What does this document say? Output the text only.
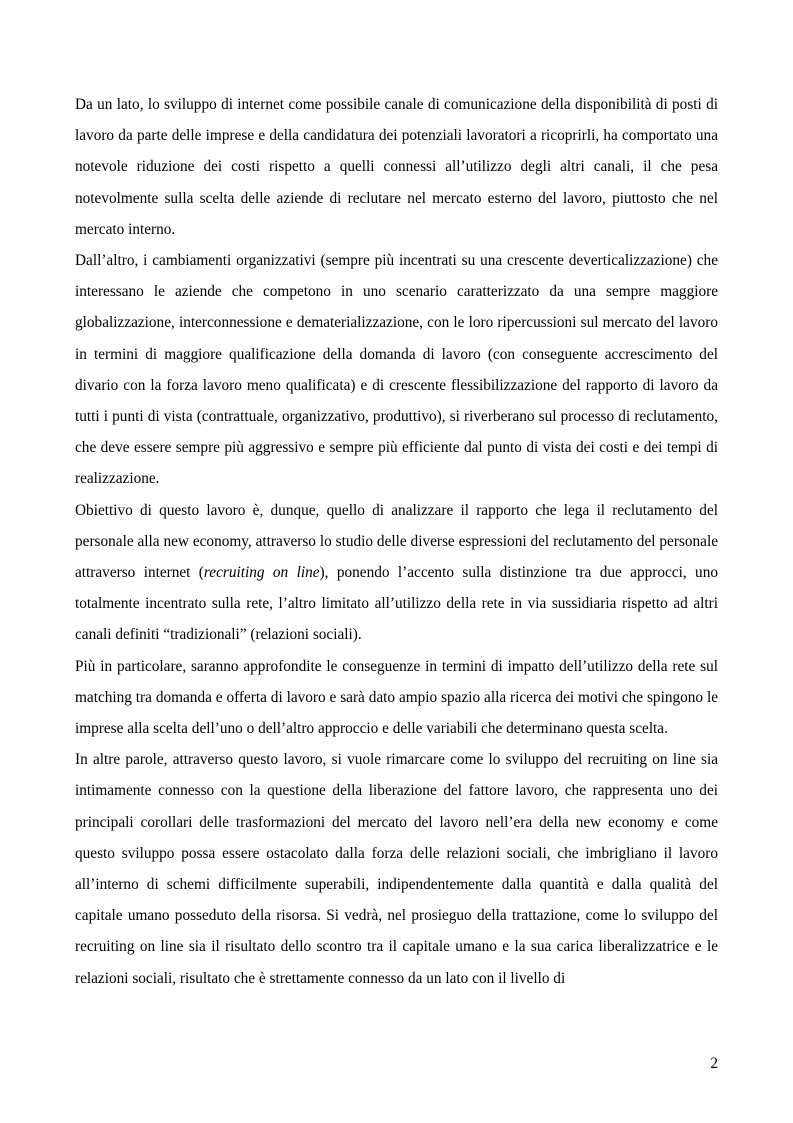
Da un lato, lo sviluppo di internet come possibile canale di comunicazione della disponibilità di posti di lavoro da parte delle imprese e della candidatura dei potenziali lavoratori a ricoprirli, ha comportato una notevole riduzione dei costi rispetto a quelli connessi all’utilizzo degli altri canali, il che pesa notevolmente sulla scelta delle aziende di reclutare nel mercato esterno del lavoro, piuttosto che nel mercato interno.

Dall’altro, i cambiamenti organizzativi (sempre più incentrati su una crescente deverticalizzazione) che interessano le aziende che competono in uno scenario caratterizzato da una sempre maggiore globalizzazione, interconnessione e dematerializzazione, con le loro ripercussioni sul mercato del lavoro in termini di maggiore qualificazione della domanda di lavoro (con conseguente accrescimento del divario con la forza lavoro meno qualificata) e di crescente flessibilizzazione del rapporto di lavoro da tutti i punti di vista (contrattuale, organizzativo, produttivo), si riverberano sul processo di reclutamento, che deve essere sempre più aggressivo e sempre più efficiente dal punto di vista dei costi e dei tempi di realizzazione.

Obiettivo di questo lavoro è, dunque, quello di analizzare il rapporto che lega il reclutamento del personale alla new economy, attraverso lo studio delle diverse espressioni del reclutamento del personale attraverso internet (recruiting on line), ponendo l’accento sulla distinzione tra due approcci, uno totalmente incentrato sulla rete, l’altro limitato all’utilizzo della rete in via sussidiaria rispetto ad altri canali definiti “tradizionali” (relazioni sociali).

Più in particolare, saranno approfondite le conseguenze in termini di impatto dell’utilizzo della rete sul matching tra domanda e offerta di lavoro e sarà dato ampio spazio alla ricerca dei motivi che spingono le imprese alla scelta dell’uno o dell’altro approccio e delle variabili che determinano questa scelta.

In altre parole, attraverso questo lavoro, si vuole rimarcare come lo sviluppo del recruiting on line sia intimamente connesso con la questione della liberazione del fattore lavoro, che rappresenta uno dei principali corollari delle trasformazioni del mercato del lavoro nell’era della new economy e come questo sviluppo possa essere ostacolato dalla forza delle relazioni sociali, che imbrigliano il lavoro all’interno di schemi difficilmente superabili, indipendentemente dalla quantità e dalla qualità del capitale umano posseduto della risorsa. Si vedrà, nel prosieguo della trattazione, come lo sviluppo del recruiting on line sia il risultato dello scontro tra il capitale umano e la sua carica liberalizzatrice e le relazioni sociali, risultato che è strettamente connesso da un lato con il livello di

2
